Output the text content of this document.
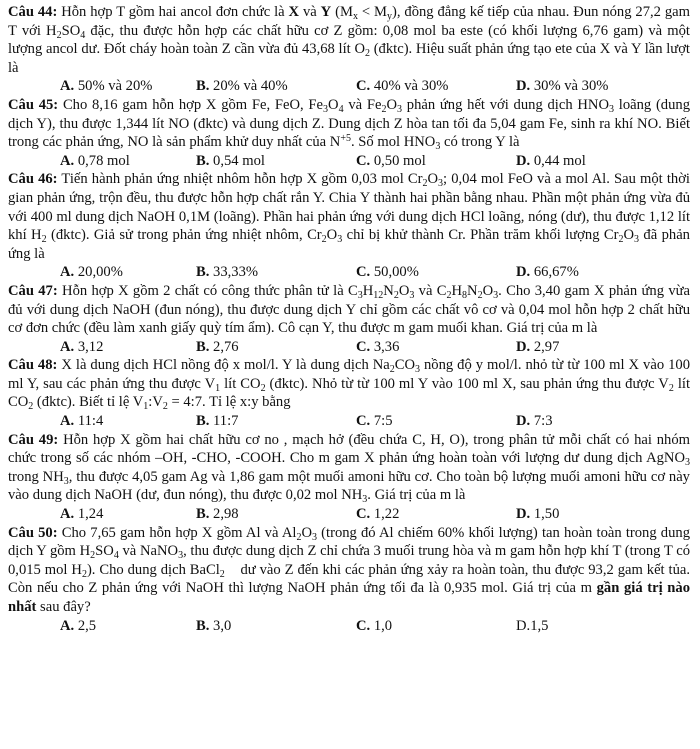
Câu 44: Hỗn hợp T gồm hai ancol đơn chức là X và Y $(M_x < M_y)$, đồng đẳng kế tiếp của nhau. Đun nóng 27,2 gam T với $H_2SO_4$ đặc, thu được hỗn hợp các chất hữu cơ Z gồm: 0,08 mol ba este (có khối lượng 6,76 gam) và một lượng ancol dư. Đốt cháy hoàn toàn Z cần vừa đủ 43,68 lít $O_2$ (đktc). Hiệu suất phản ứng tạo ete của X và Y lần lượt là

A. 50% và 20%	B. 20% và 40%	C. 40% và 30%	D. 30% và 30%

Câu 45: Cho 8,16 gam hỗn hợp X gồm Fe, FeO, $Fe_3O_4$ và $Fe_2O_3$ phản ứng hết với dung dịch $HNO_3$ loãng (dung dịch Y), thu được 1,344 lít NO (đktc) và dung dịch Z. Dung dịch Z hòa tan tối đa 5,04 gam Fe, sinh ra khí NO. Biết trong các phản ứng, NO là sản phẩm khử duy nhất của $N^{+5}$. Số mol $HNO_3$ có trong Y là

A. 0,78 mol	B. 0,54 mol	C. 0,50 mol	D. 0,44 mol

Câu 46: Tiến hành phản ứng nhiệt nhôm hỗn hợp X gồm 0,03 mol $Cr_2O_3$; 0,04 mol FeO và a mol Al. Sau một thời gian phản ứng, trộn đều, thu được hỗn hợp chất rắn Y. Chia Y thành hai phần bằng nhau. Phần một phản ứng vừa đủ với 400 ml dung dịch NaOH 0,1M (loãng). Phần hai phản ứng với dung dịch HCl loãng, nóng (dư), thu được 1,12 lít khí $H_2$ (đktc). Giả sử trong phản ứng nhiệt nhôm, $Cr_2O_3$ chỉ bị khử thành Cr. Phần trăm khối lượng $Cr_2O_3$ đã phản ứng là

A. 20,00%	B. 33,33%	C. 50,00%	D. 66,67%

Câu 47: Hỗn hợp X gồm 2 chất có công thức phân tử là $C_3H_{12}N_2O_3$ và $C_2H_8N_2O_3$. Cho 3,40 gam X phản ứng vừa đủ với dung dịch NaOH (đun nóng), thu được dung dịch Y chỉ gồm các chất vô cơ và 0,04 mol hỗn hợp 2 chất hữu cơ đơn chức (đều làm xanh giấy quỳ tím ẩm). Cô cạn Y, thu được m gam muối khan. Giá trị của m là

A. 3,12	B. 2,76	C. 3,36	D. 2,97

Câu 48: X là dung dịch HCl nồng độ x mol/l. Y là dung dịch $Na_2CO_3$ nồng độ y mol/l. nhỏ từ từ 100 ml X vào 100 ml Y, sau các phản ứng thu được $V_1$ lít $CO_2$ (đktc). Nhỏ từ từ 100 ml Y vào 100 ml X, sau phản ứng thu được $V_2$ lít $CO_2$ (đktc). Biết tỉ lệ $V_1:V_2$ = 4:7. Tỉ lệ x:y bằng

A. 11:4	B. 11:7	C. 7:5	D. 7:3

Câu 49: Hỗn hợp X gồm hai chất hữu cơ no , mạch hở (đều chứa C, H, O), trong phân tử mỗi chất có hai nhóm chức trong số các nhóm –OH, -CHO, -COOH. Cho m gam X phản ứng hoàn toàn với lượng dư dung dịch AgNO$_3$ trong $NH_3$, thu được 4,05 gam Ag và 1,86 gam một muối amoni hữu cơ. Cho toàn bộ lượng muối amoni hữu cơ này vào dung dịch NaOH (dư, đun nóng), thu được 0,02 mol $NH_3$. Giá trị của m là

A. 1,24	B. 2,98	C. 1,22	D. 1,50

Câu 50: Cho 7,65 gam hỗn hợp X gồm Al và $Al_2O_3$ (trong đó Al chiếm 60% khối lượng) tan hoàn toàn trong dung dịch Y gồm $H_2SO_4$ và NaNO$_3$, thu được dung dịch Z chỉ chứa 3 muối trung hòa và m gam hỗn hợp khí T (trong T có 0,015 mol $H_2$). Cho dung dịch BaCl$_2$    dư vào Z đến khi các phản ứng xảy ra hoàn toàn, thu được 93,2 gam kết tủa. Còn nếu cho Z phản ứng với NaOH thì lượng NaOH phản ứng tối đa là 0,935 mol. Giá trị của m gần giá trị nào nhất sau đây?

A. 2,5	B. 3,0	C. 1,0	D.1,5
